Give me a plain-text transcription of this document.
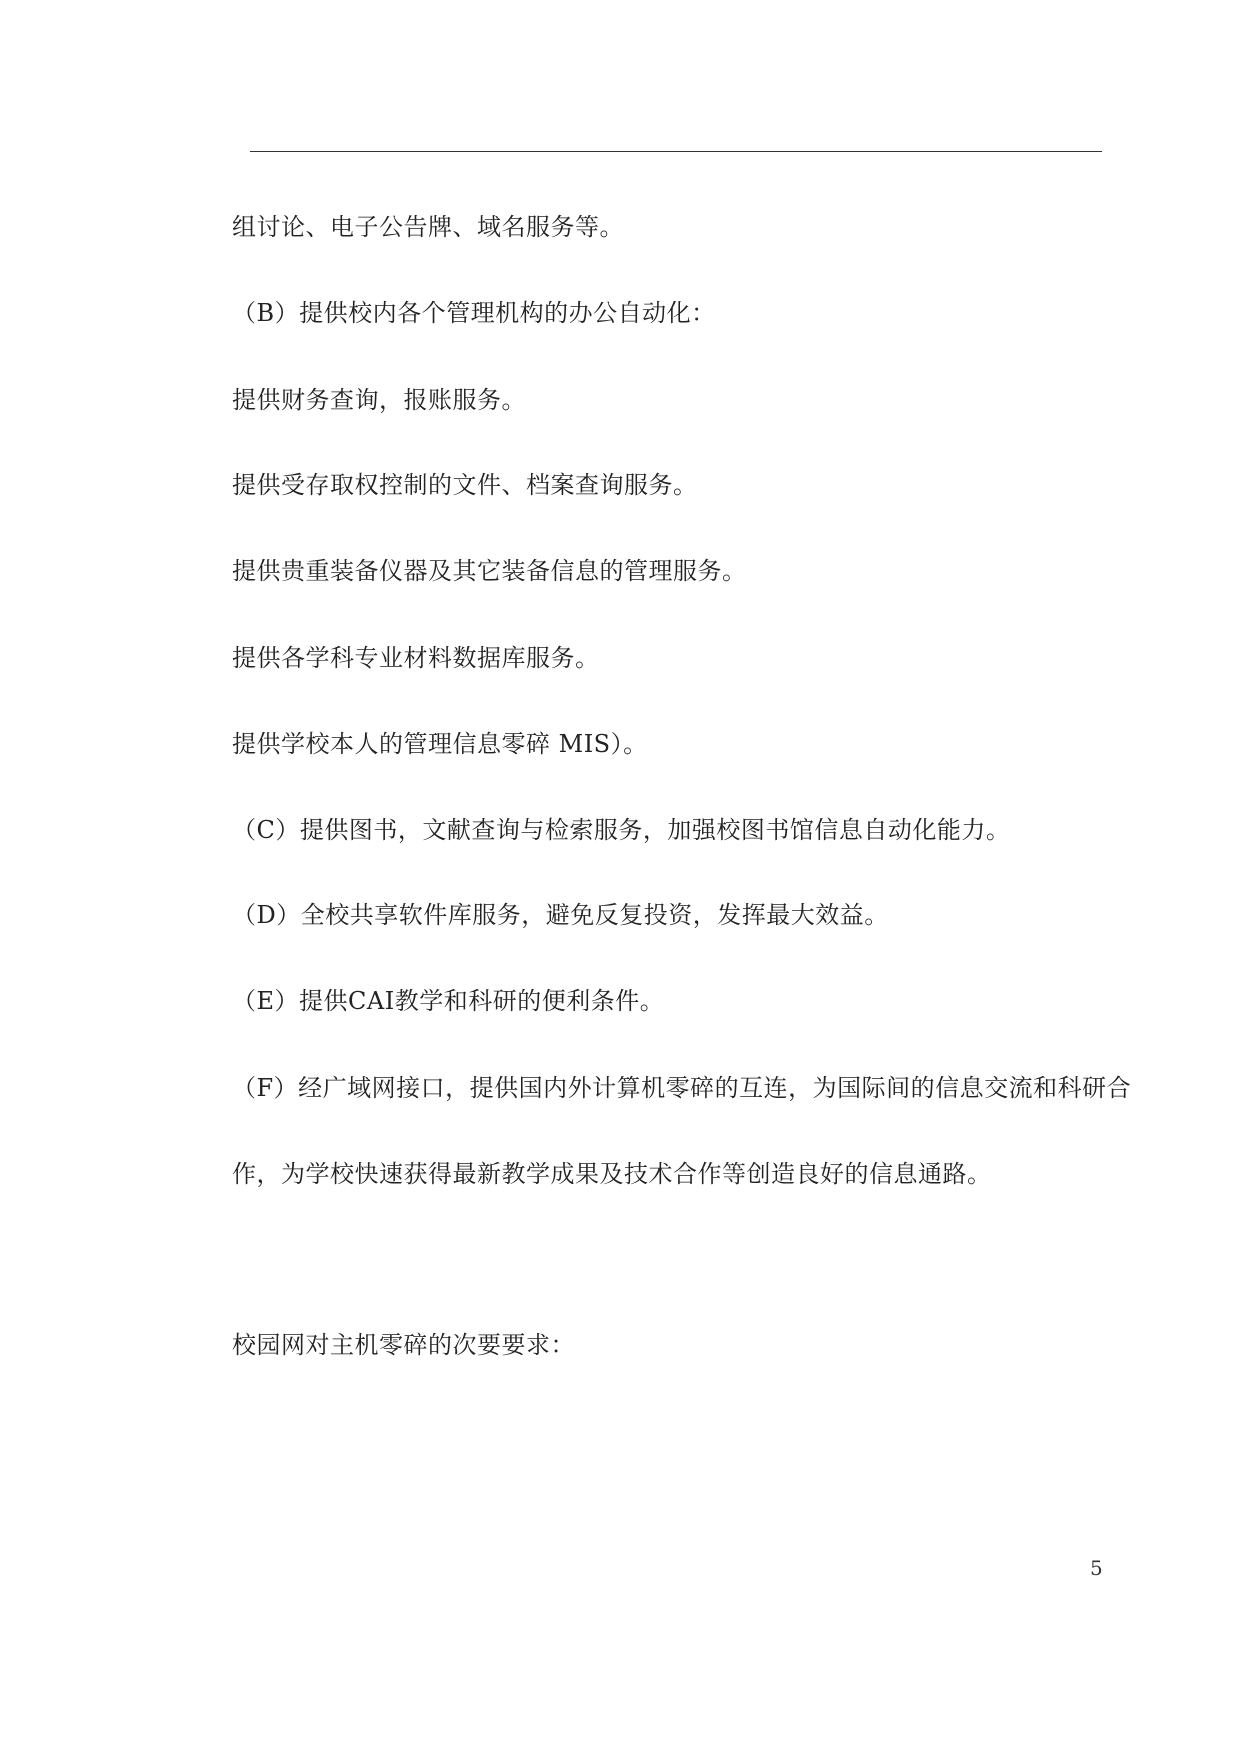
组讨论、电子公告牌、域名服务等。
（B）提供校内各个管理机构的办公自动化：
提供财务查询，报账服务。
提供受存取权控制的文件、档案查询服务。
提供贵重装备仪器及其它装备信息的管理服务。
提供各学科专业材料数据库服务。
提供学校本人的管理信息零碎 MIS）。
（C）提供图书，文献查询与检索服务，加强校图书馆信息自动化能力。
（D）全校共享软件库服务，避免反复投资，发挥最大效益。
（E）提供CAI教学和科研的便利条件。
（F）经广域网接口，提供国内外计算机零碎的互连，为国际间的信息交流和科研合
作，为学校快速获得最新教学成果及技术合作等创造良好的信息通路。
校园网对主机零碎的次要要求：
5
